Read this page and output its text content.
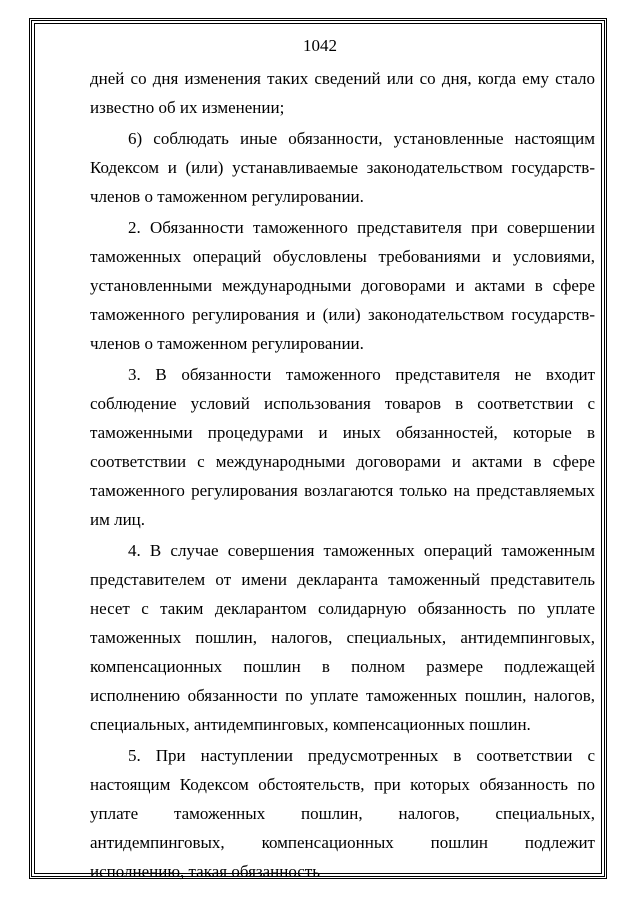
1042

дней со дня изменения таких сведений или со дня, когда ему стало известно об их изменении;

6) соблюдать иные обязанности, установленные настоящим Кодексом и (или) устанавливаемые законодательством государств-членов о таможенном регулировании.

2. Обязанности таможенного представителя при совершении таможенных операций обусловлены требованиями и условиями, установленными международными договорами и актами в сфере таможенного регулирования и (или) законодательством государств-членов о таможенном регулировании.

3. В обязанности таможенного представителя не входит соблюдение условий использования товаров в соответствии с таможенными процедурами и иных обязанностей, которые в соответствии с международными договорами и актами в сфере таможенного регулирования возлагаются только на представляемых им лиц.

4. В случае совершения таможенных операций таможенным представителем от имени декларанта таможенный представитель несет с таким декларантом солидарную обязанность по уплате таможенных пошлин, налогов, специальных, антидемпинговых, компенсационных пошлин в полном размере подлежащей исполнению обязанности по уплате таможенных пошлин, налогов, специальных, антидемпинговых, компенсационных пошлин.

5. При наступлении предусмотренных в соответствии с настоящим Кодексом обстоятельств, при которых обязанность по уплате таможенных пошлин, налогов, специальных, антидемпинговых, компенсационных пошлин подлежит исполнению, такая обязанность
